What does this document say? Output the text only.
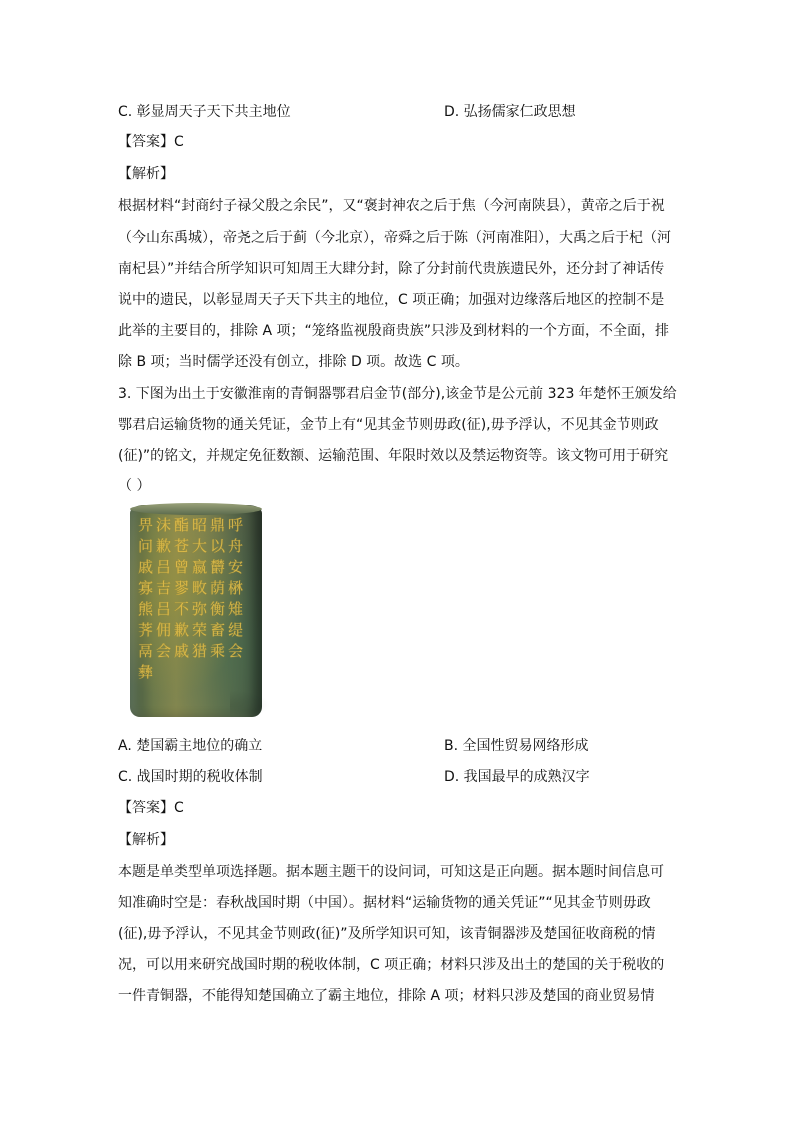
C. 彰显周天子天下共主地位	D. 弘扬儒家仁政思想
【答案】C
【解析】
根据材料“封商纣子禄父殷之余民”，又“褒封神农之后于焦（今河南陕县），黄帝之后于祝
（今山东禹城），帝尧之后于蓟（今北京），帝舜之后于陈（河南准阳），大禹之后于杞（河
南杞县）”并结合所学知识可知周王大肆分封，除了分封前代贵族遗民外，还分封了神话传
说中的遗民，以彰显周天子天下共主的地位，C 项正确；加强对边缘落后地区的控制不是
此举的主要目的，排除 A 项；“笼络监视殷商贵族”只涉及到材料的一个方面，不全面，排
除 B 项；当时儒学还没有创立，排除 D 项。故选 C 项。
3. 下图为出土于安徽淮南的青铜器鄂君启金节(部分),该金节是公元前 323 年楚怀王颁发给
鄂君启运输货物的通关凭证，金节上有“见其金节则毋政(征),毋予浮认，不见其金节则政
(征)”的铭文，并规定免征数额、运输范围、年限时效以及禁运物资等。该文物可用于研究
（ ）
畀沫酯昭鼎呼问歉苍大以舟戚吕曾嬴欝安寡吉翏畋荫楙熊吕不弥衡雉荠佣歉荣畜缇鬲会戚猎乘会彝
A. 楚国霸主地位的确立	B. 全国性贸易网络形成
C. 战国时期的税收体制	D. 我国最早的成熟汉字
【答案】C
【解析】
本题是单类型单项选择题。据本题主题干的设问词，可知这是正向题。据本题时间信息可
知准确时空是：春秋战国时期（中国）。据材料“运输货物的通关凭证”“见其金节则毋政
(征),毋予浮认，不见其金节则政(征)”及所学知识可知，该青铜器涉及楚国征收商税的情
况，可以用来研究战国时期的税收体制，C 项正确；材料只涉及出土的楚国的关于税收的
一件青铜器，不能得知楚国确立了霸主地位，排除 A 项；材料只涉及楚国的商业贸易情
